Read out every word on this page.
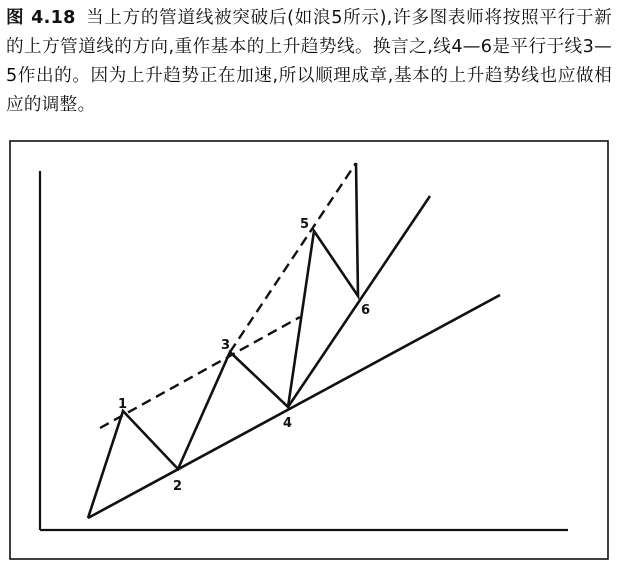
图 4.18 当上方的管道线被突破后(如浪5所示),许多图表师将按照平行于新的上方管道线的方向,重作基本的上升趋势线。换言之,线4—6是平行于线3—5作出的。因为上升趋势正在加速,所以顺理成章,基本的上升趋势线也应做相应的调整。
1
2
3
4
5
6
